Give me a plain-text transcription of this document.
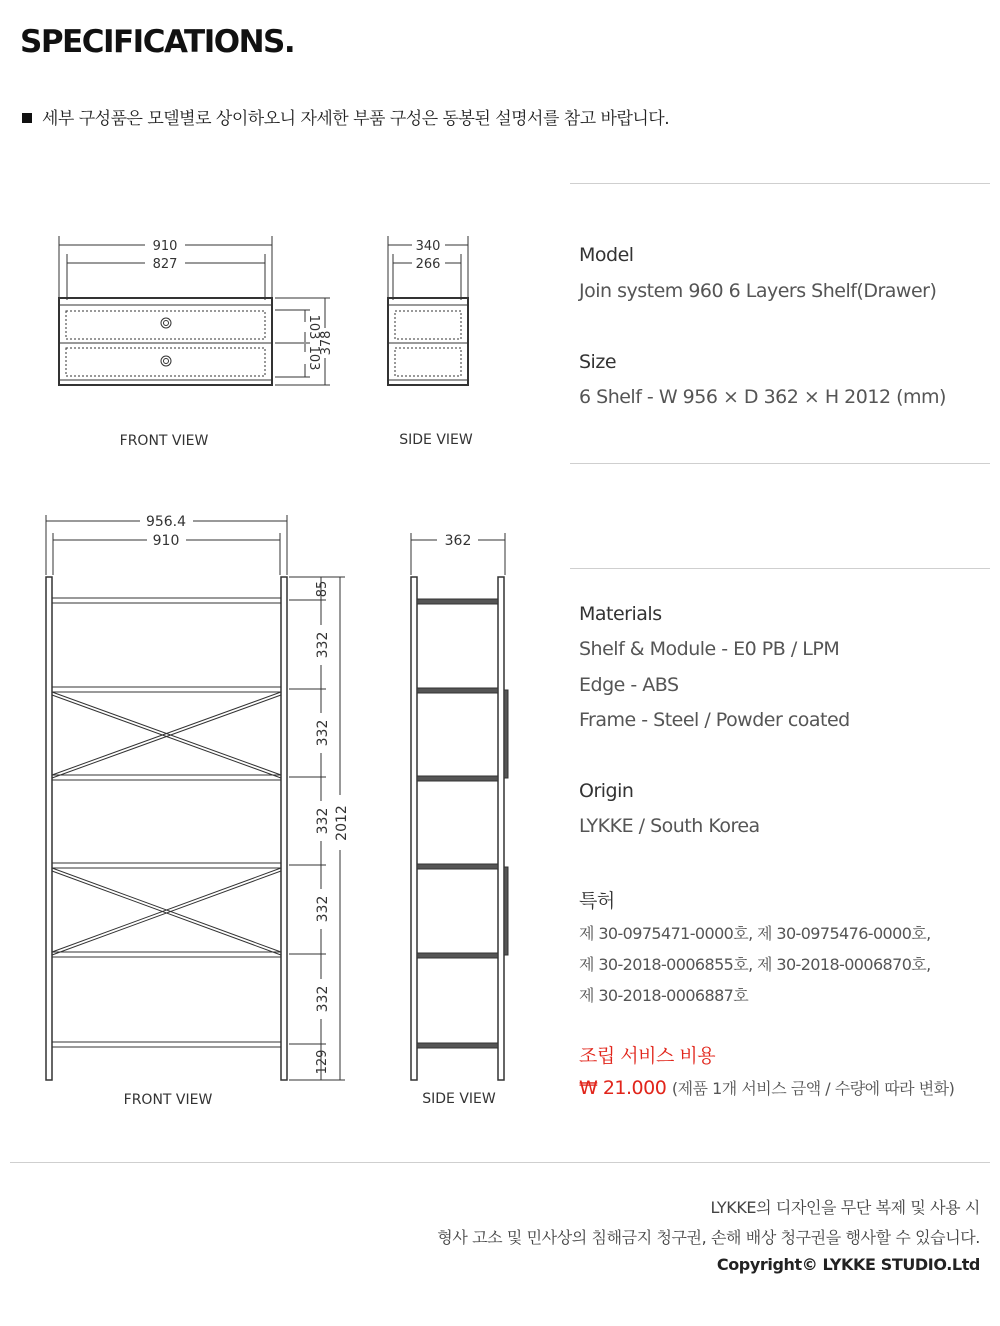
SPECIFICATIONS.
세부 구성품은 모델별로 상이하오니 자세한 부품 구성은 동봉된 설명서를 참고 바랍니다.
910
827
340
266
103
103
378
FRONT VIEW	SIDE VIEW
956.4
910	362
85
332
332
332
332
332
129
2012
FRONT VIEW	SIDE VIEW
Model
Join system 960 6 Layers Shelf(Drawer)
Size
6 Shelf - W 956 × D 362 × H 2012 (mm)
Materials
Shelf & Module - E0 PB / LPM
Edge - ABS
Frame - Steel / Powder coated
Origin
LYKKE / South Korea
특허
제 30-0975471-0000호, 제 30-0975476-0000호,
제 30-2018-0006855호, 제 30-2018-0006870호,
제 30-2018-0006887호
조립 서비스 비용
₩ 21.000 (제품 1개 서비스 금액 / 수량에 따라 변화)
LYKKE의 디자인을 무단 복제 및 사용 시
형사 고소 및 민사상의 침해금지 청구권, 손해 배상 청구권을 행사할 수 있습니다.
Copyright© LYKKE STUDIO.Ltd
